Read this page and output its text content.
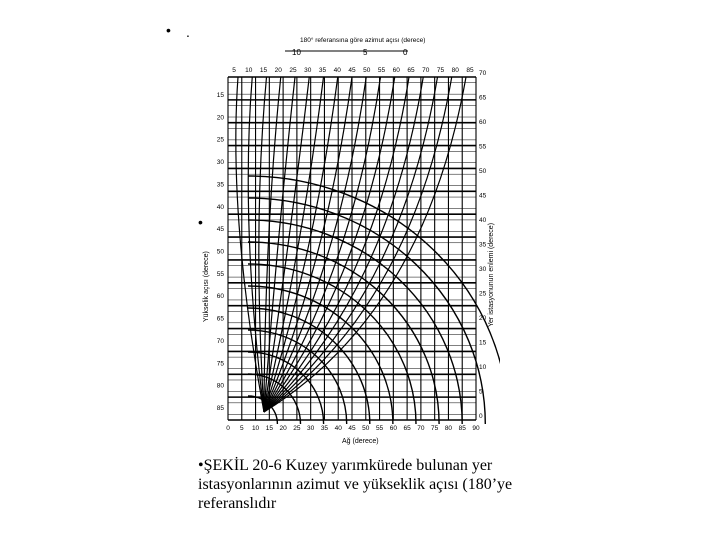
• .
•
180° referansına göre azimut açısı (derece)
10	5	0
Yükselik açısı (derece)	Yer istasyonunun enlemi (derece)
Ağ (derece)
5 10 15 20 25 30 35 40 45 50 55 60 65 70 75 80 85
0 5 10 15 20 25 30 35 40 45 50 55 60 65 70 75 80 85 90
15
20
25
30
35
40
45
50
55
60
65
70
75
80
85
70
65
60
55
50
45
40
35
30
25
20
15
10
5
0
•ŞEKİL 20-6 Kuzey yarımkürede bulunan yer istasyonlarının azimut ve yükseklik açısı (180’ye referanslıdır
